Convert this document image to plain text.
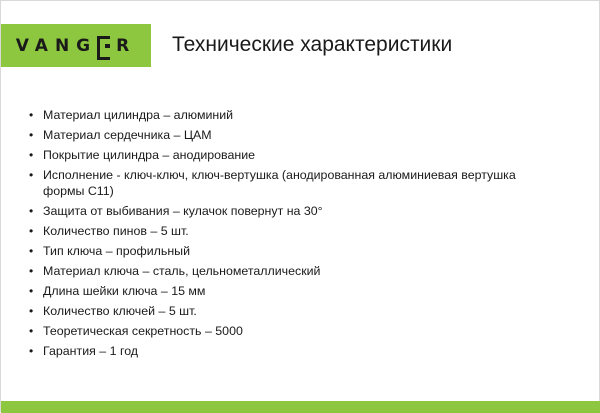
VANG R Технические характеристики
• Материал цилиндра – алюминий
• Материал сердечника – ЦАМ
• Покрытие цилиндра – анодирование
• Исполнение - ключ-ключ, ключ-вертушка (анодированная алюминиевая вертушка формы С11)
• Защита от выбивания – кулачок повернут на 30°
• Количество пинов – 5 шт.
• Тип ключа – профильный
• Материал ключа – сталь, цельнометаллический
• Длина шейки ключа – 15 мм
• Количество ключей – 5 шт.
• Теоретическая секретность – 5000
• Гарантия – 1 год
